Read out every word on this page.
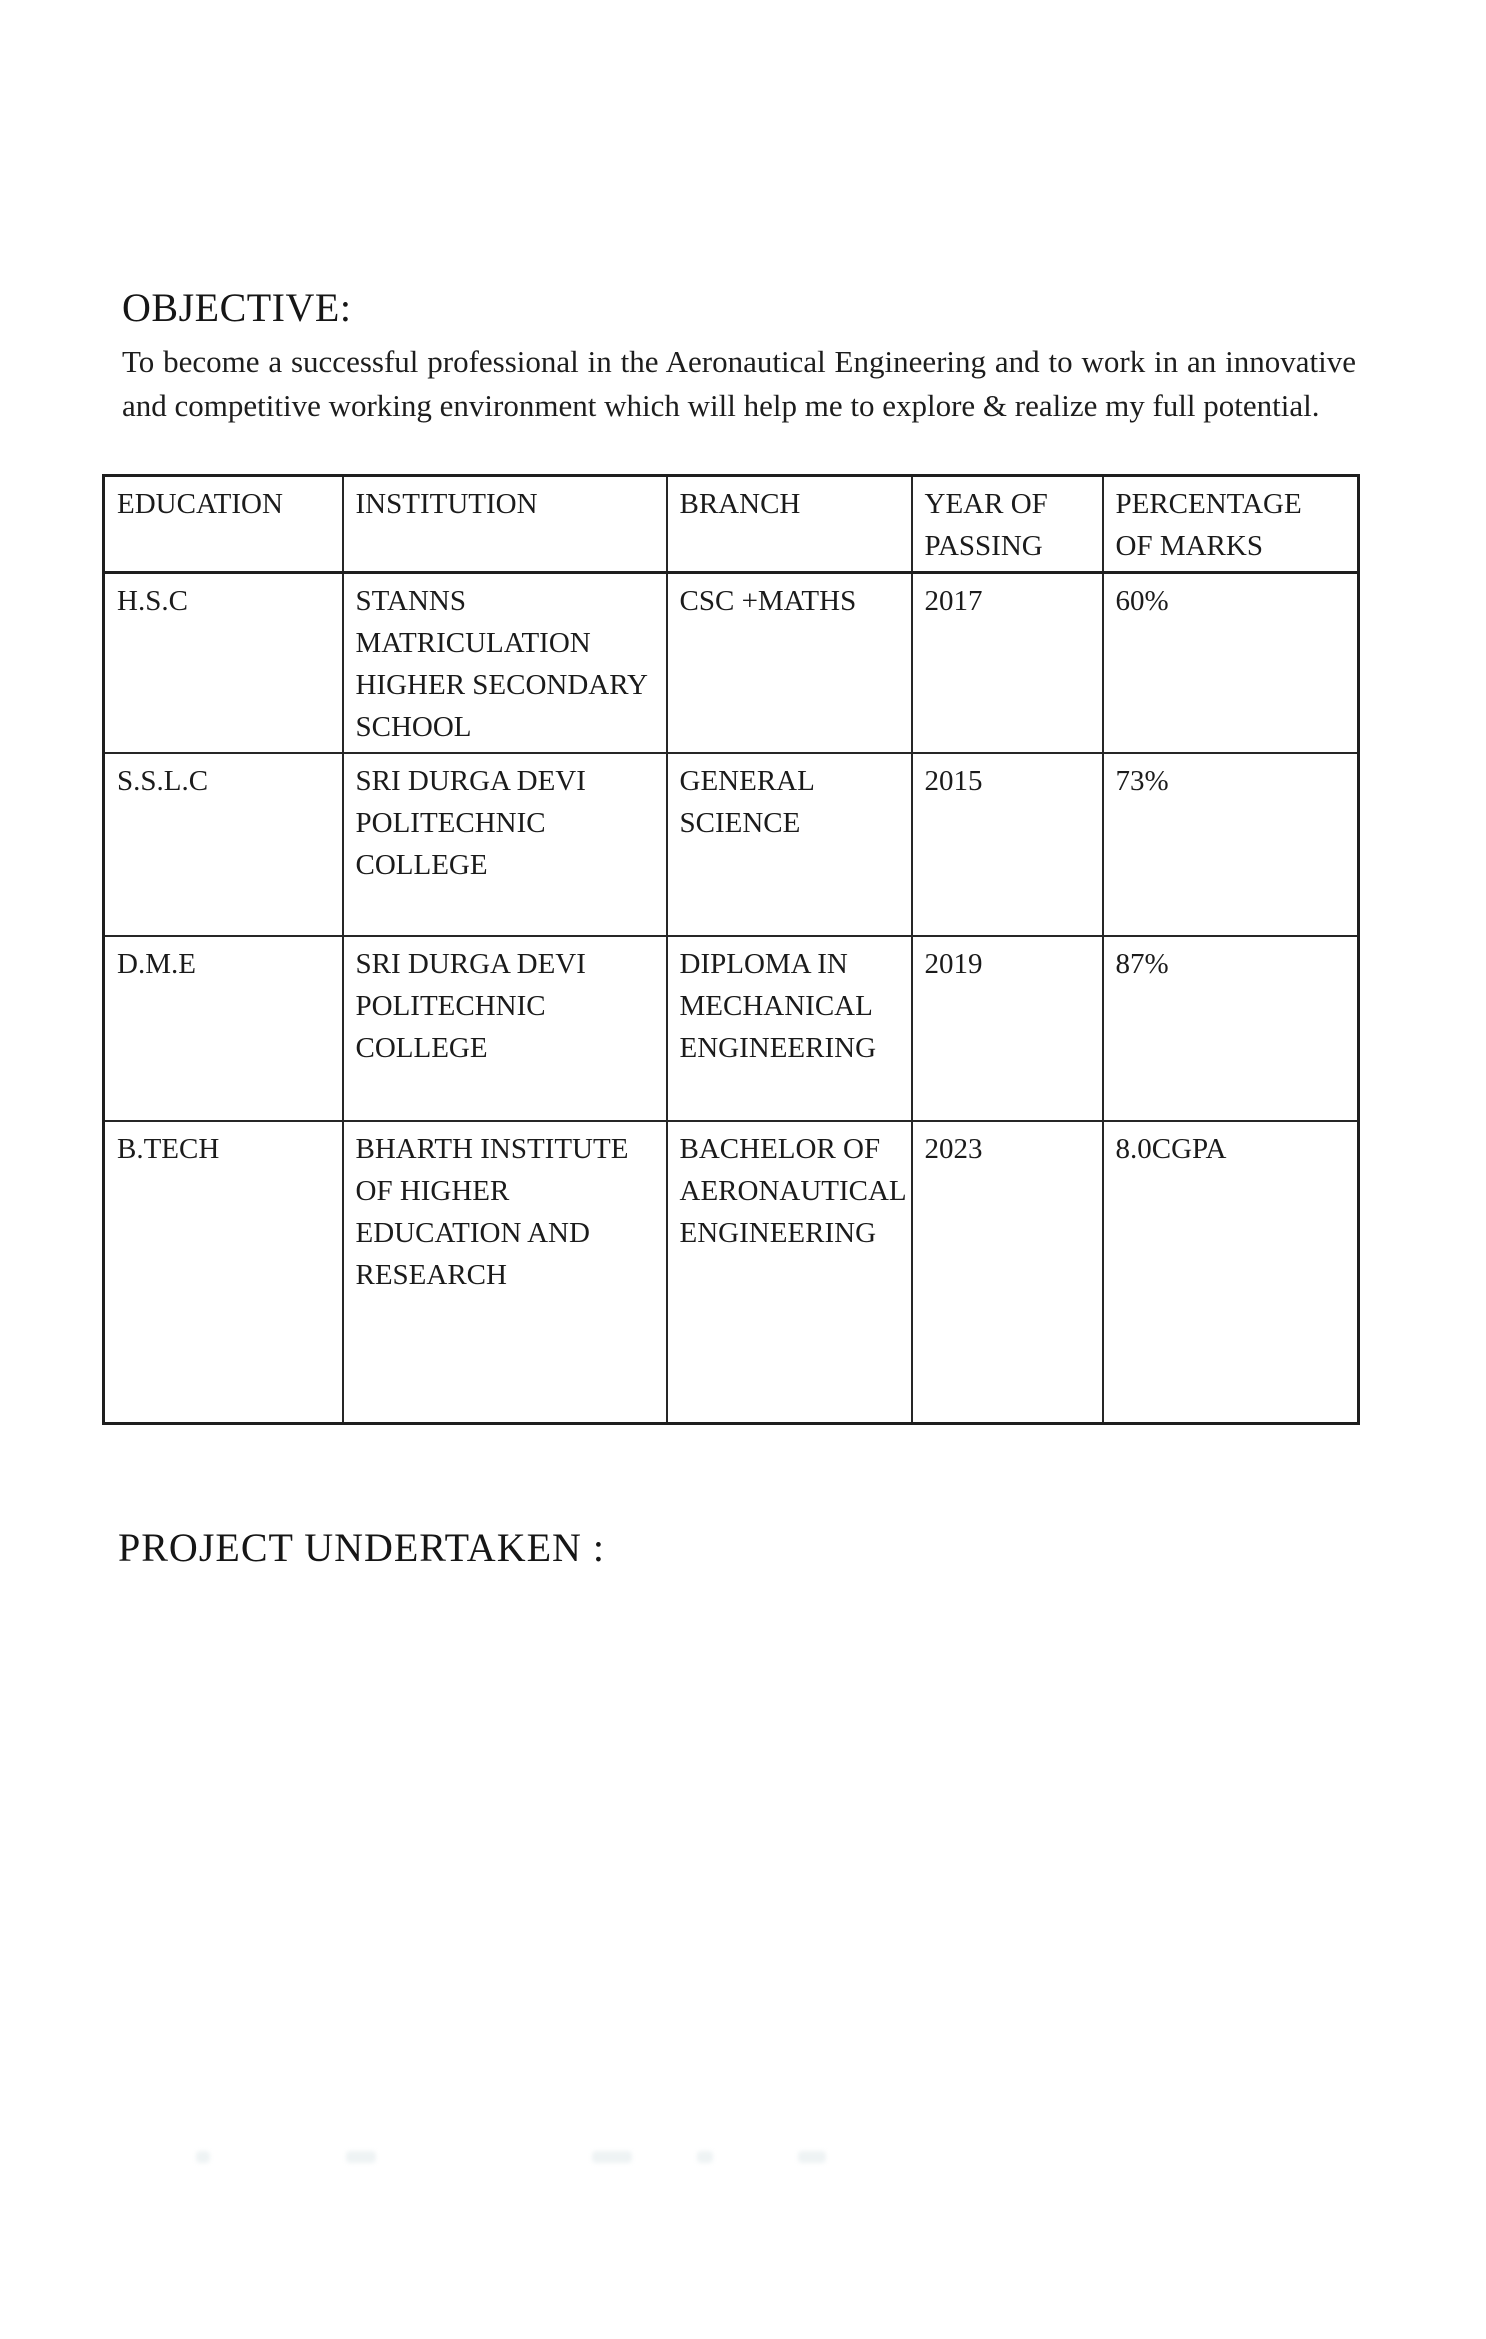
OBJECTIVE:

To become a successful professional in the Aeronautical Engineering and to work in an innovative and competitive working environment which will help me to explore & realize my full potential.

EDUCATION	INSTITUTION	BRANCH	YEAR OF PASSING	PERCENTAGE OF MARKS
H.S.C	STANNS MATRICULATION HIGHER SECONDARY SCHOOL	CSC +MATHS	2017	60%
S.S.L.C	SRI DURGA DEVI POLITECHNIC COLLEGE	GENERAL SCIENCE	2015	73%
D.M.E	SRI DURGA DEVI POLITECHNIC COLLEGE	DIPLOMA IN MECHANICAL ENGINEERING	2019	87%
B.TECH	BHARTH INSTITUTE OF HIGHER EDUCATION AND RESEARCH	BACHELOR OF AERONAUTICAL ENGINEERING	2023	8.0CGPA
PROJECT UNDERTAKEN :
